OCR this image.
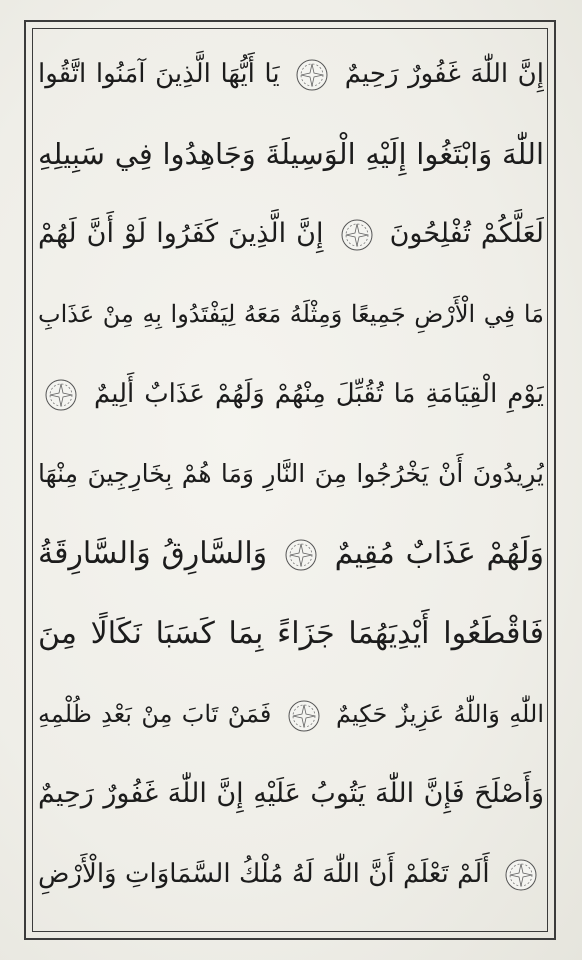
إِنَّ اللّٰهَ غَفُورٌ رَحِيمٌ  يَا أَيُّهَا الَّذِينَ آمَنُوا اتَّقُوا
اللّٰهَ وَابْتَغُوا إِلَيْهِ الْوَسِيلَةَ وَجَاهِدُوا فِي سَبِيلِهِ
لَعَلَّكُمْ تُفْلِحُونَ  إِنَّ الَّذِينَ كَفَرُوا لَوْ أَنَّ لَهُمْ
مَا فِي الْأَرْضِ جَمِيعًا وَمِثْلَهُ مَعَهُ لِيَفْتَدُوا بِهِ مِنْ عَذَابِ
يَوْمِ الْقِيَامَةِ مَا تُقُبِّلَ مِنْهُمْ وَلَهُمْ عَذَابٌ أَلِيمٌ
يُرِيدُونَ أَنْ يَخْرُجُوا مِنَ النَّارِ وَمَا هُمْ بِخَارِجِينَ مِنْهَا
وَلَهُمْ عَذَابٌ مُقِيمٌ  وَالسَّارِقُ وَالسَّارِقَةُ
فَاقْطَعُوا أَيْدِيَهُمَا جَزَاءً بِمَا كَسَبَا نَكَالًا مِنَ
اللّٰهِ وَاللّٰهُ عَزِيزٌ حَكِيمٌ  فَمَنْ تَابَ مِنْ بَعْدِ ظُلْمِهِ
وَأَصْلَحَ فَإِنَّ اللّٰهَ يَتُوبُ عَلَيْهِ إِنَّ اللّٰهَ غَفُورٌ رَحِيمٌ
أَلَمْ تَعْلَمْ أَنَّ اللّٰهَ لَهُ مُلْكُ السَّمَاوَاتِ وَالْأَرْضِ
